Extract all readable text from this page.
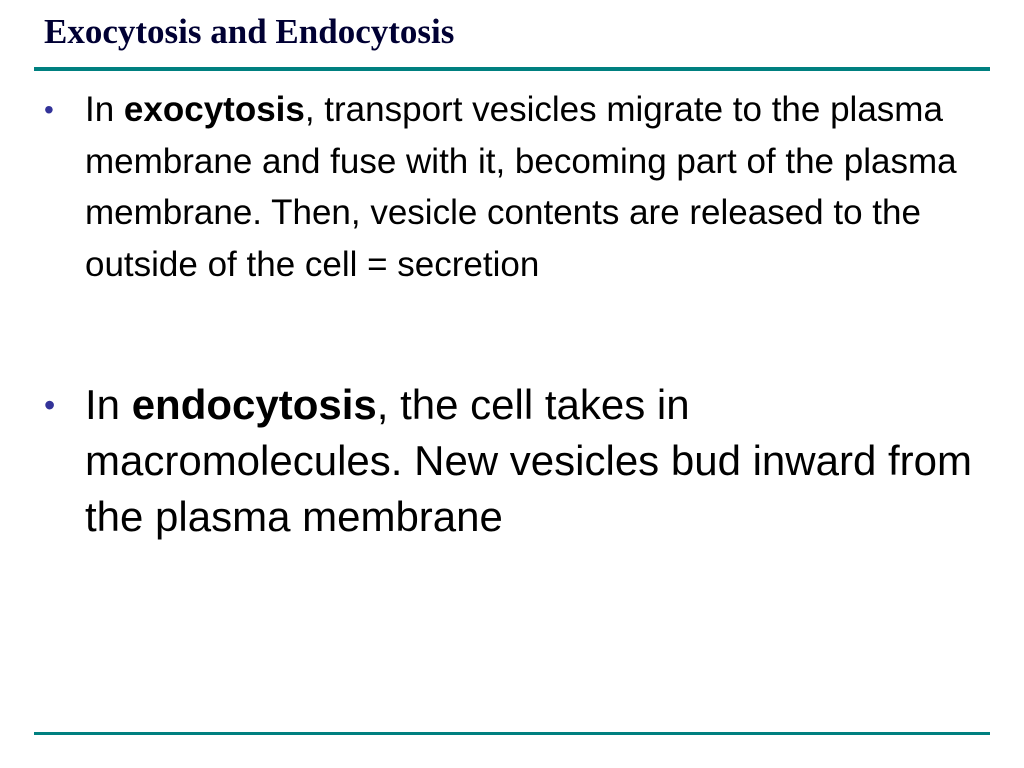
Exocytosis and Endocytosis
• In exocytosis, transport vesicles migrate to the plasma membrane and fuse with it, becoming part of the plasma membrane. Then, vesicle contents are released to the outside of the cell = secretion
• In endocytosis, the cell takes in macromolecules. New vesicles bud inward from the plasma membrane
